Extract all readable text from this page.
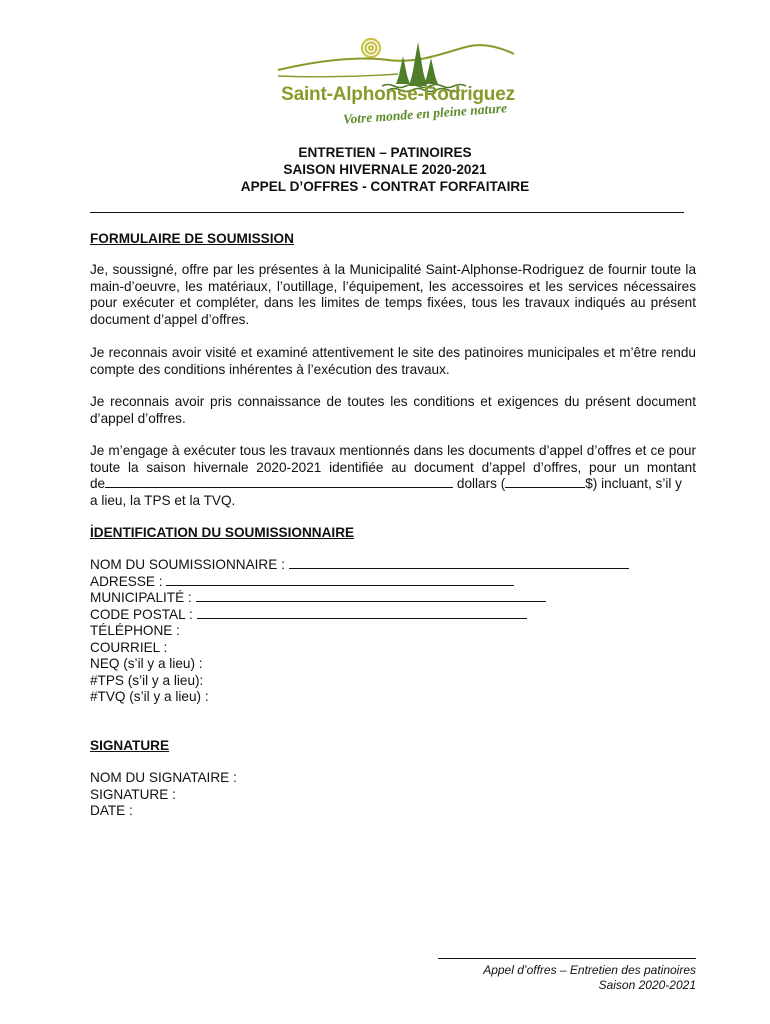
Saint-Alphonse-Rodriguez
Votre monde en pleine nature
ENTRETIEN – PATINOIRES
SAISON HIVERNALE 2020-2021
APPEL D’OFFRES - CONTRAT FORFAITAIRE
FORMULAIRE DE SOUMISSION

Je, soussigné, offre par les présentes à la Municipalité Saint-Alphonse-Rodriguez de fournir toute la main-d’oeuvre, les matériaux, l’outillage, l’équipement, les accessoires et les services nécessaires pour exécuter et compléter, dans les limites de temps fixées, tous les travaux indiqués au présent document d’appel d’offres.

Je reconnais avoir visité et examiné attentivement le site des patinoires municipales et m’être rendu compte des conditions inhérentes à l’exécution des travaux.

Je reconnais avoir pris connaissance de toutes les conditions et exigences du présent document d’appel d’offres.

Je m’engage à exécuter tous les travaux mentionnés dans les documents d’appel d’offres et ce pour
toute la saison hivernale 2020-2021 identifiée au document d’appel d’offres, pour un montant
de	dollars (	$) incluant, s’il y
a lieu, la TPS et la TVQ.
.
IDENTIFICATION DU SOUMISSIONNAIRE
NOM DU SOUMISSIONNAIRE :
ADRESSE :
MUNICIPALITÉ :
CODE POSTAL :
TÉLÉPHONE :
COURRIEL :
NEQ (s’il y a lieu) :
#TPS (s’il y a lieu):
#TVQ (s’il y a lieu) :
SIGNATURE
NOM DU SIGNATAIRE :
SIGNATURE :
DATE :
Appel d’offres – Entretien des patinoires
Saison 2020-2021
